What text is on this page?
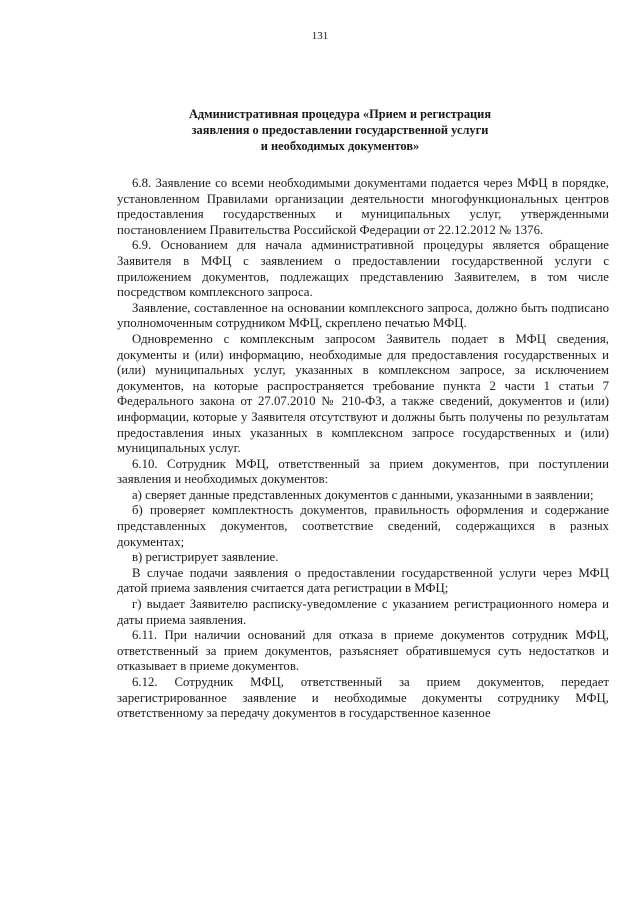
131
Административная процедура «Прием и регистрация
заявления о предоставлении государственной услуги
и необходимых документов»

6.8. Заявление со всеми необходимыми документами подается через МФЦ в порядке, установленном Правилами организации деятельности многофункциональных центров предоставления государственных и муниципальных услуг, утвержденными постановлением Правительства Российской Федерации от 22.12.2012 № 1376.

6.9. Основанием для начала административной процедуры является обращение Заявителя в МФЦ с заявлением о предоставлении государственной услуги с приложением документов, подлежащих представлению Заявителем, в том числе посредством комплексного запроса.

Заявление, составленное на основании комплексного запроса, должно быть подписано уполномоченным сотрудником МФЦ, скреплено печатью МФЦ.

Одновременно с комплексным запросом Заявитель подает в МФЦ сведения, документы и (или) информацию, необходимые для предоставления государственных и (или) муниципальных услуг, указанных в комплексном запросе, за исключением документов, на которые распространяется требование пункта 2 части 1 статьи 7 Федерального закона от 27.07.2010 № 210-ФЗ, а также сведений, документов и (или) информации, которые у Заявителя отсутствуют и должны быть получены по результатам предоставления иных указанных в комплексном запросе государственных и (или) муниципальных услуг.

6.10. Сотрудник МФЦ, ответственный за прием документов, при поступлении заявления и необходимых документов:

а) сверяет данные представленных документов с данными, указанными в заявлении;

б) проверяет комплектность документов, правильность оформления и содержание представленных документов, соответствие сведений, содержащихся в разных документах;

в) регистрирует заявление.

В случае подачи заявления о предоставлении государственной услуги через МФЦ датой приема заявления считается дата регистрации в МФЦ;

г) выдает Заявителю расписку-уведомление с указанием регистрационного номера и даты приема заявления.

6.11. При наличии оснований для отказа в приеме документов сотрудник МФЦ, ответственный за прием документов, разъясняет обратившемуся суть недостатков и отказывает в приеме документов.

6.12. Сотрудник МФЦ, ответственный за прием документов, передает зарегистрированное заявление и необходимые документы сотруднику МФЦ, ответственному за передачу документов в государственное казенное
